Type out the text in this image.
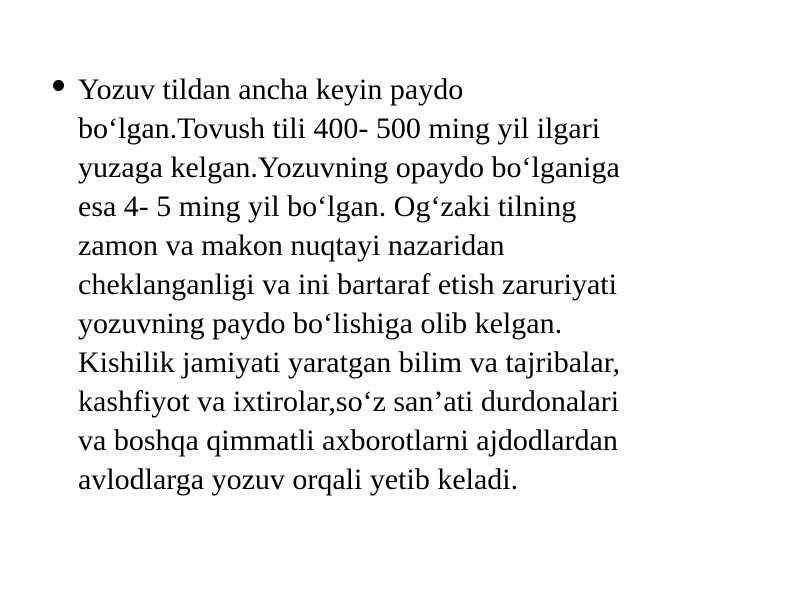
Yozuv tildan ancha keyin paydo
bo‘lgan.Tovush tili 400- 500 ming yil ilgari
yuzaga kelgan.Yozuvning opaydo bo‘lganiga
esa 4- 5 ming yil bo‘lgan. Og‘zaki tilning
zamon va makon nuqtayi nazaridan
cheklanganligi va ini bartaraf etish zaruriyati
yozuvning paydo bo‘lishiga olib kelgan.
Kishilik jamiyati yaratgan bilim va tajribalar,
kashfiyot va ixtirolar,so‘z san’ati durdonalari
va boshqa qimmatli axborotlarni ajdodlardan
avlodlarga yozuv orqali yetib keladi.
